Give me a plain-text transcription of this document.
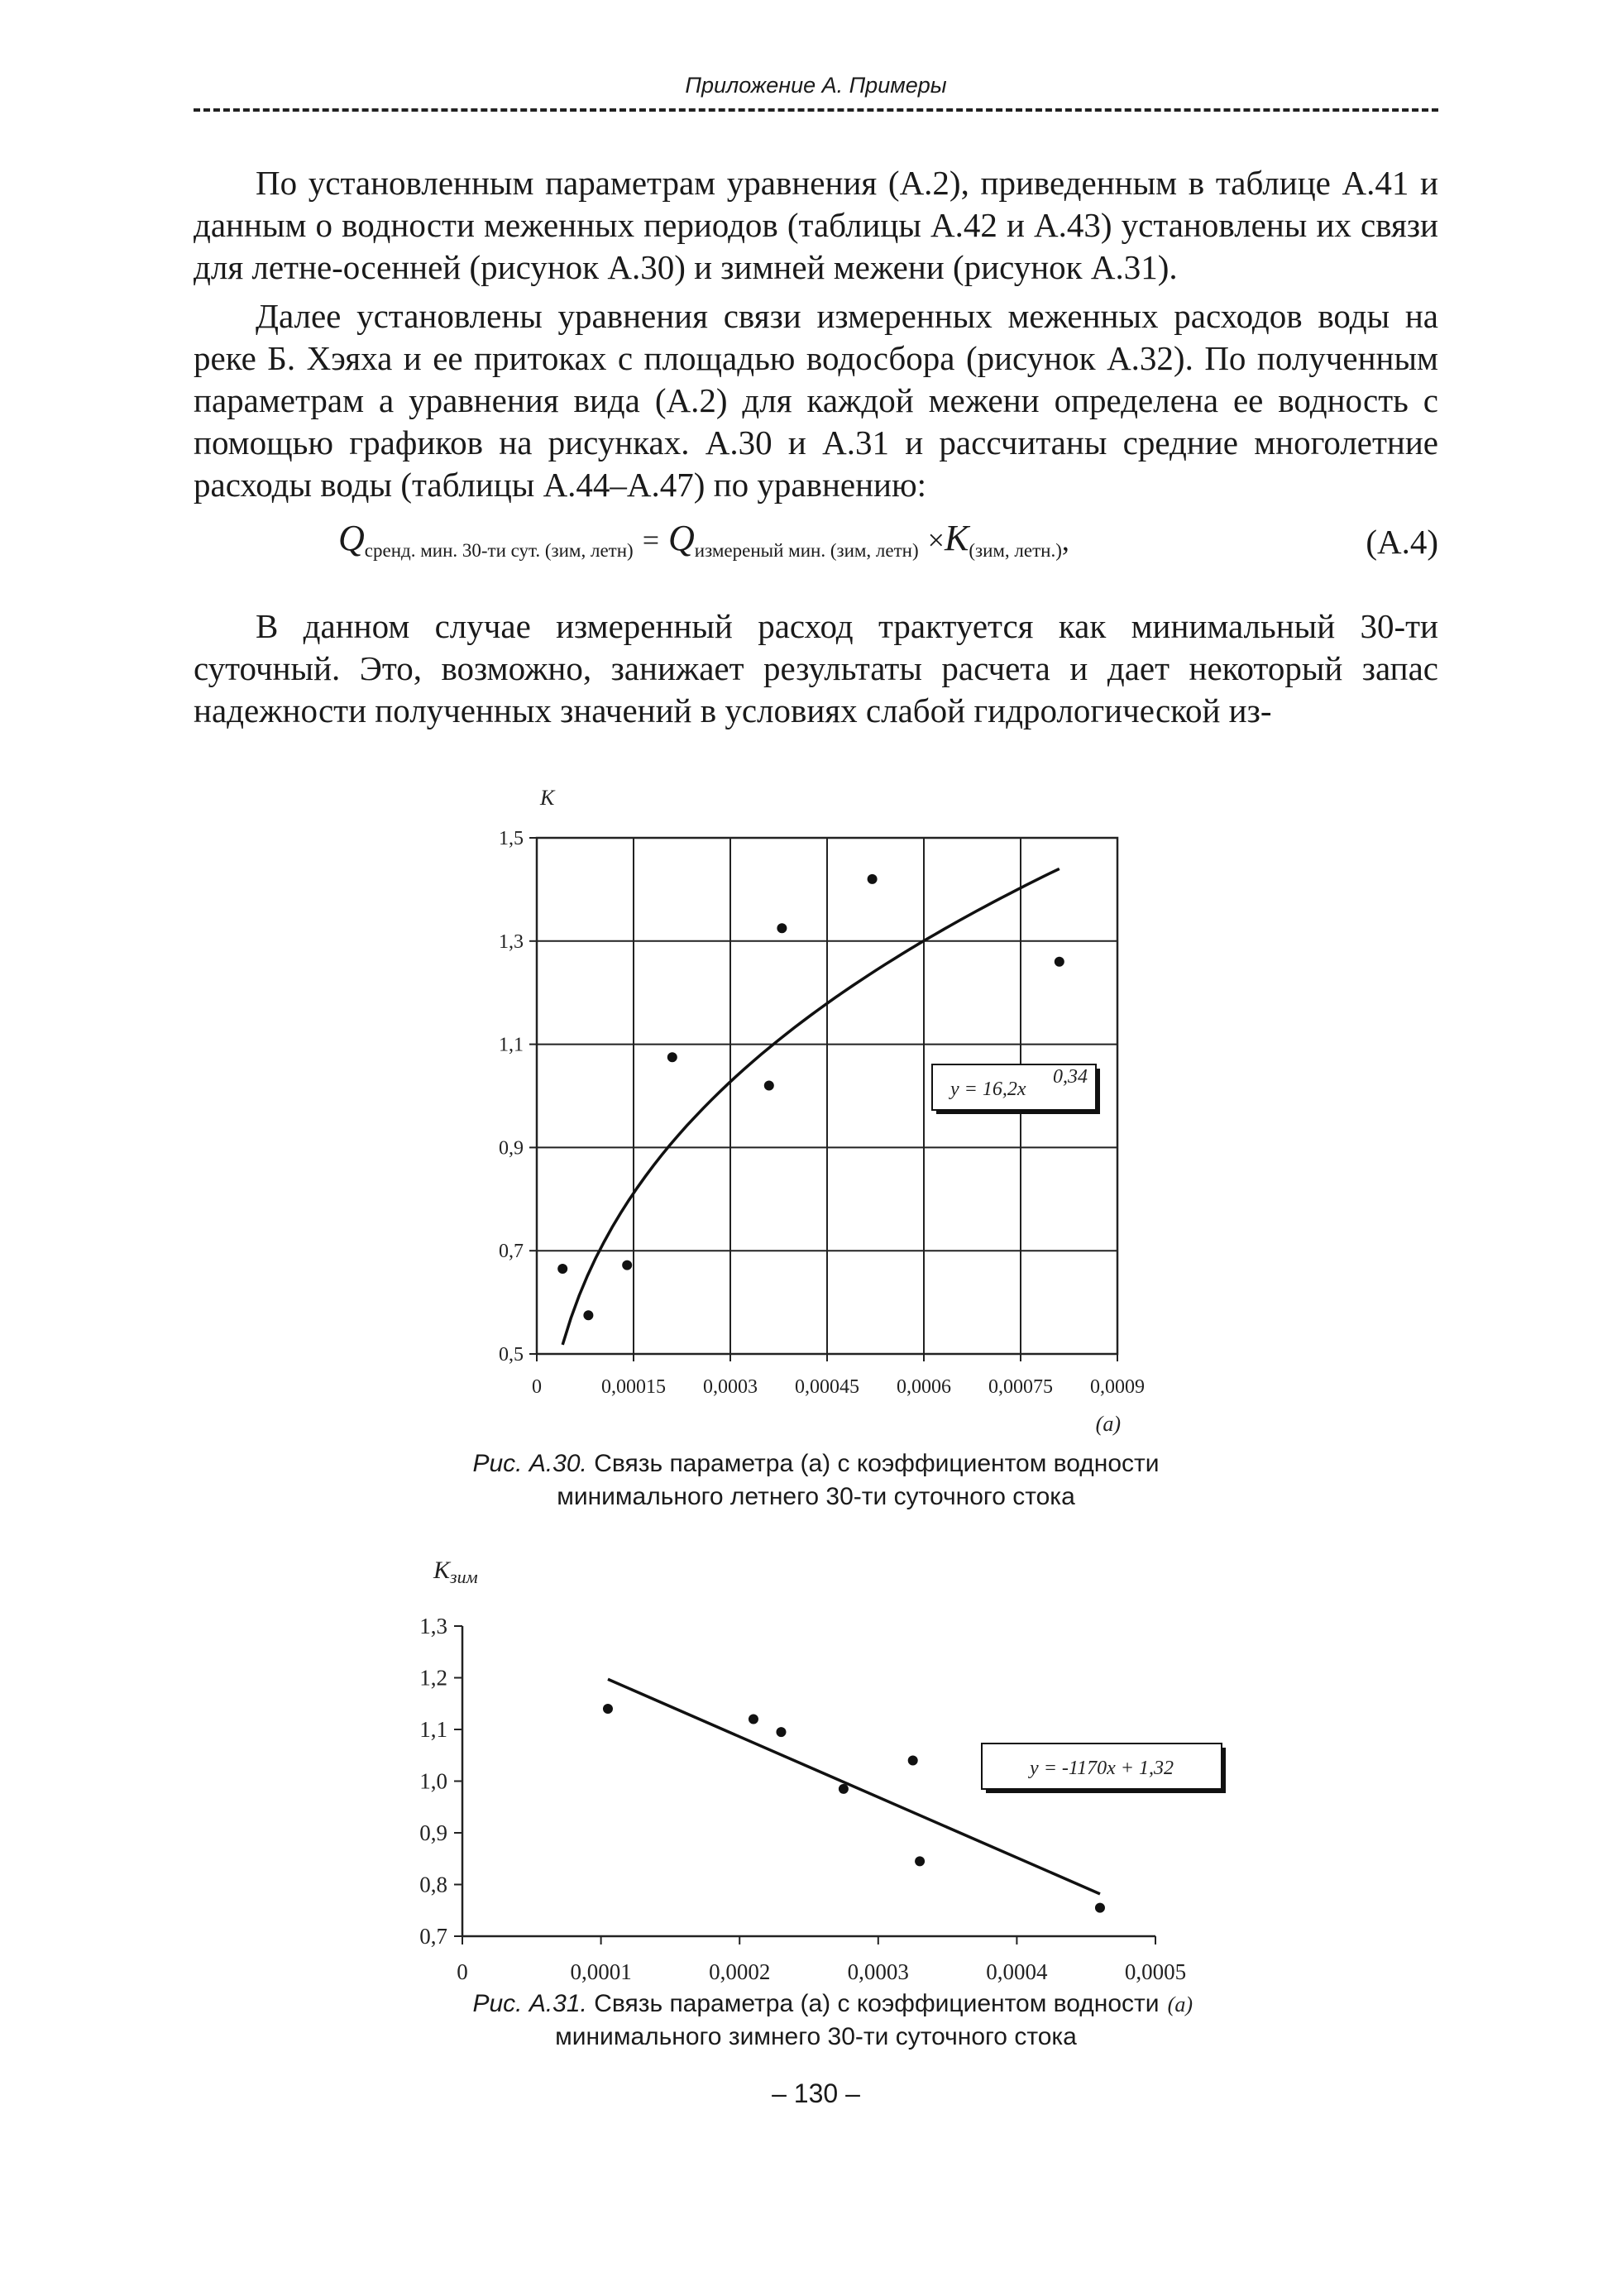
Приложение А. Примеры

По установленным параметрам уравнения (А.2), приведенным в таблице А.41 и данным о водности меженных периодов (таблицы А.42 и А.43) установлены их связи для летне-осенней (рисунок А.30) и зимней межени (рисунок А.31).

Далее установлены уравнения связи измеренных меженных расходов воды на реке Б. Хэяха и ее притоках с площадью водосбора (рисунок А.32). По полученным параметрам a уравнения вида (А.2) для каждой межени определена ее водность с помощью графиков на рисунках. А.30 и А.31 и рассчитаны средние многолетние расходы воды (таблицы А.44–А.47) по уравнению:

$Q_{сренд. мин. 30-ти сут. (зим, летн)} = Q_{измереный мин. (зим, летн)} \times K_{(зим, летн.)}$,	(А.4)

В данном случае измеренный расход трактуется как минимальный 30-ти суточный. Это, возможно, занижает результаты расчета и дает некоторый запас надежности полученных значений в условиях слабой гидрологической из-

0,5
0,7
0,9
1,1
1,3
1,5
0	0,00015 0,0003 0,00045 0,0006 0,00075 0,0009
K
(a)
y = 16,2x
0,34
Рис. А.30. Связь параметра (а) с коэффициентом водности
минимального летнего 30-ти суточного стока
0,7
0,8
0,9
1,0
1,1
1,2
1,3
0	0,0001	0,0002	0,0003	0,0004	0,0005
$K_{зим}$
(a)
y = -1170x + 1,32
Рис. А.31. Связь параметра (а) с коэффициентом водности
минимального зимнего 30-ти суточного стока
– 130 –
